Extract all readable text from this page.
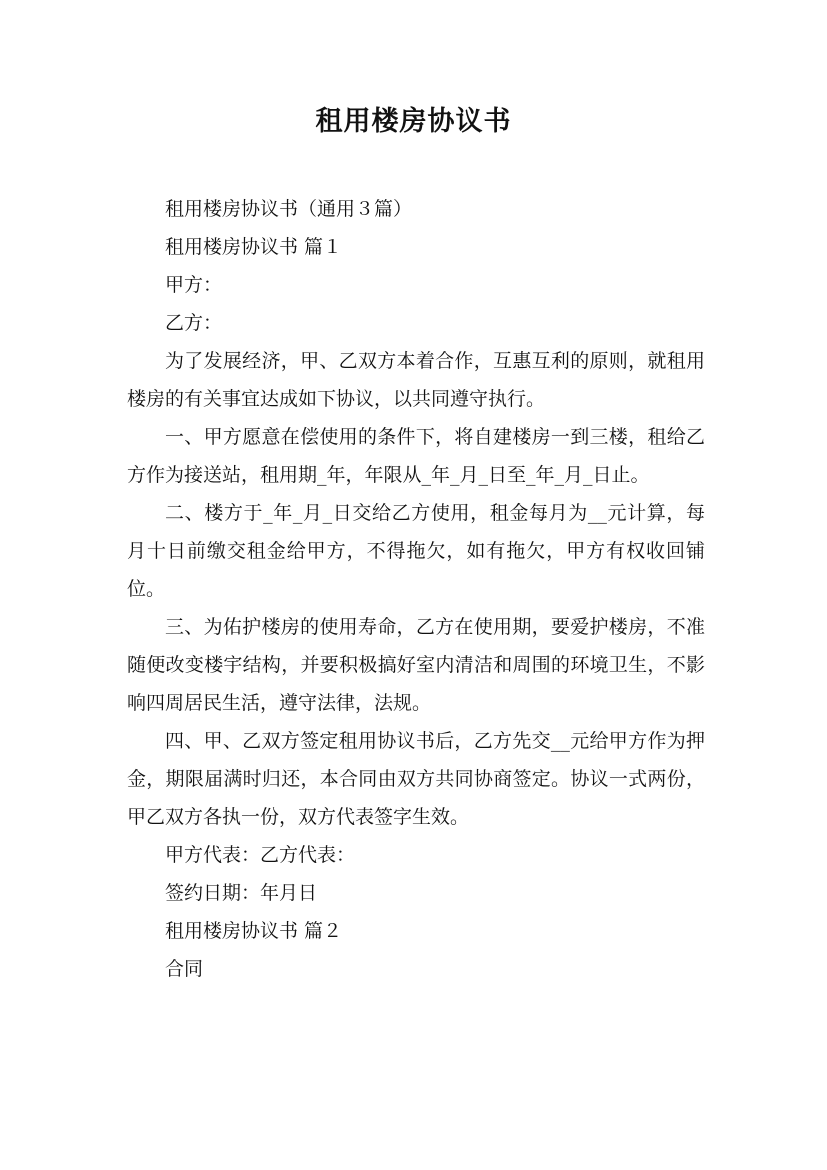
租用楼房协议书

租用楼房协议书（通用３篇）

租用楼房协议书 篇１

甲方：

乙方：

为了发展经济，甲、乙双方本着合作，互惠互利的原则，就租用楼房的有关事宜达成如下协议，以共同遵守执行。

一、甲方愿意在偿使用的条件下，将自建楼房一到三楼，租给乙方作为接送站，租用期_年，年限从_年_月_日至_年_月_日止。

二、楼方于_年_月_日交给乙方使用，租金每月为__元计算，每月十日前缴交租金给甲方，不得拖欠，如有拖欠，甲方有权收回铺位。

三、为佑护楼房的使用寿命，乙方在使用期，要爱护楼房，不准随便改变楼宇结构，并要积极搞好室内清洁和周围的环境卫生，不影响四周居民生活，遵守法律，法规。

四、甲、乙双方签定租用协议书后，乙方先交__元给甲方作为押金，期限届满时归还，本合同由双方共同协商签定。协议一式两份，甲乙双方各执一份，双方代表签字生效。

甲方代表：乙方代表：

签约日期：年月日

租用楼房协议书 篇２

合同
